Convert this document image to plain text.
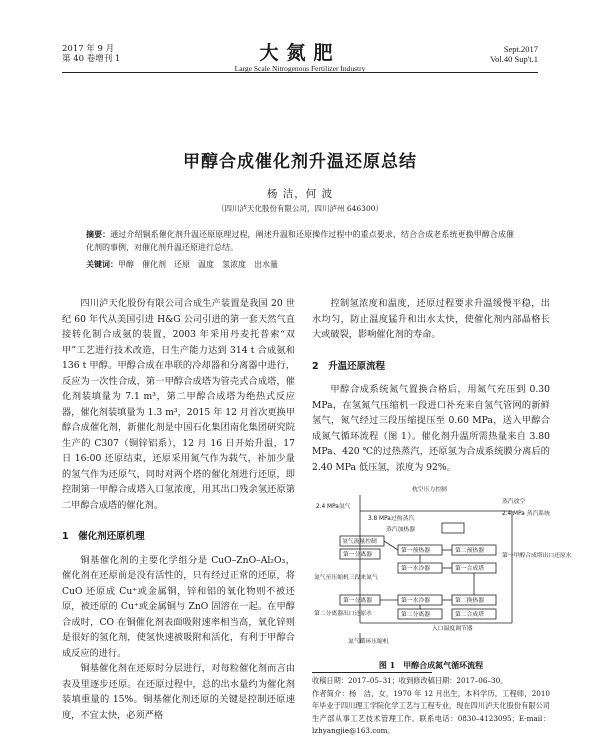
2017 年 9 月
第 40 卷增刊 1	大氮肥
Large Scale Nitrogenous Fertilizer Industry
Sept.2017
Vol.40 Sup't.1
甲醇合成催化剂升温还原总结
杨 洁，何 波
（四川泸天化股份有限公司，四川泸州 646300）
摘要：通过介绍铜系催化剂升温还原原理过程，阐述升温和还原操作过程中的重点要求，结合合成老系统更换甲醇合成催化剂的事例，对催化剂升温还原进行总结。
关键词：甲醇　催化剂　还原　温度　氢浓度　出水量

四川泸天化股份有限公司合成生产装置是我国 20 世纪 60 年代从美国引进 H&G 公司引进的第一套天然气直接转化制合成氨的装置，2003 年采用丹麦托普索“双甲”工艺进行技术改造，日生产能力达到 314 t 合成氨和 136 t 甲醇。甲醇合成在串联的冷却器和分离器中进行，反应为一次性合成，第一甲醇合成塔为管壳式合成塔，催化剂装填量为 7.1 m³，第二甲醇合成塔为绝热式反应器，催化剂装填量为 1.3 m³，2015 年 12 月首次更换甲醇合成催化剂，新催化剂是中国石化集团南化集团研究院生产的 C307（铜锌铝系），12 月 16 日开始升温，17 日 16:00 还原结束，还原采用氮气作为载气，补加少量的氢气作为还原气，同时对两个塔的催化剂进行还原，即控制第一甲醇合成塔入口氢浓度，用其出口残余氢还原第二甲醇合成塔的催化剂。

1　催化剂还原机理

铜基催化剂的主要化学组分是 CuO–ZnO–Al₂O₃，催化剂在还原前是没有活性的，只有经过正常的还原，将 CuO 还原成 Cu⁺或金属铜，锌和铝的氧化物则不被还原，被还原的 Cu⁺或金属铜与 ZnO 固溶在一起。在甲醇合成时，CO 在铜催化剂表面吸附速率相当高，氧化锌则是很好的氢化剂，使氢快速被吸附和活化，有利于甲醇合成反应的进行。

铜基催化剂在还原时分层进行，对每粒催化剂而言由表及里逐步还原。在还原过程中，总的出水量约为催化剂装填重量的 15%。铜基催化剂还原的关键是控制还原速度，不宜太快，必须严格

控制氢浓度和温度，还原过程要求升温缓慢平稳，出水均匀，防止温度猛升和出水太快，使催化剂内部晶格长大或破裂，影响催化剂的寿命。

2　升温还原流程

甲醇合成系统氮气置换合格后，用氮气充压到 0.30 MPa，在氢氮气压缩机一段进口补充来自氢气管网的新鲜氢气，氮气经过三段压缩提压至 0.60 MPa，送入甲醇合成氮气循环流程（图 1）。催化剂升温所需热量来自 3.80 MPa、420 ℃的过热蒸汽，还原氢为合成系统膜分离后的 2.40 MPa 低压氢，浓度为 92%。

枕空压力控制
蒸汽放空
2.4 MPa氢气
3.8 MPa过热蒸汽
2.4 MPa 蒸汽系统
蒸汽加热器
氢气流量控制
第一分离器
第一预热器	第二预热器
第一水冷器	第一合成塔
第一甲醇合成塔出口还原水
氮气至压缩机三段来氮气
第一分离器	第一水冷器	第二换热器
第二分离器出口还原水	第二分离器	第二合成塔
入口温度调节器
氮气循环压缩机
图 1　甲醇合成氮气循环流程
收稿日期：2017–05–31；收到修改稿日期：2017–06–30。
作者简介：杨　洁，女，1970 年 12 月出生，本科学历，工程师，2010 年毕业于四川理工学院化学工艺与工程专业，现在四川泸天化股份有限公司生产部从事工艺技术管理工作。联系电话：0830–4123095；E-mail：lzhyangjie@163.com。
